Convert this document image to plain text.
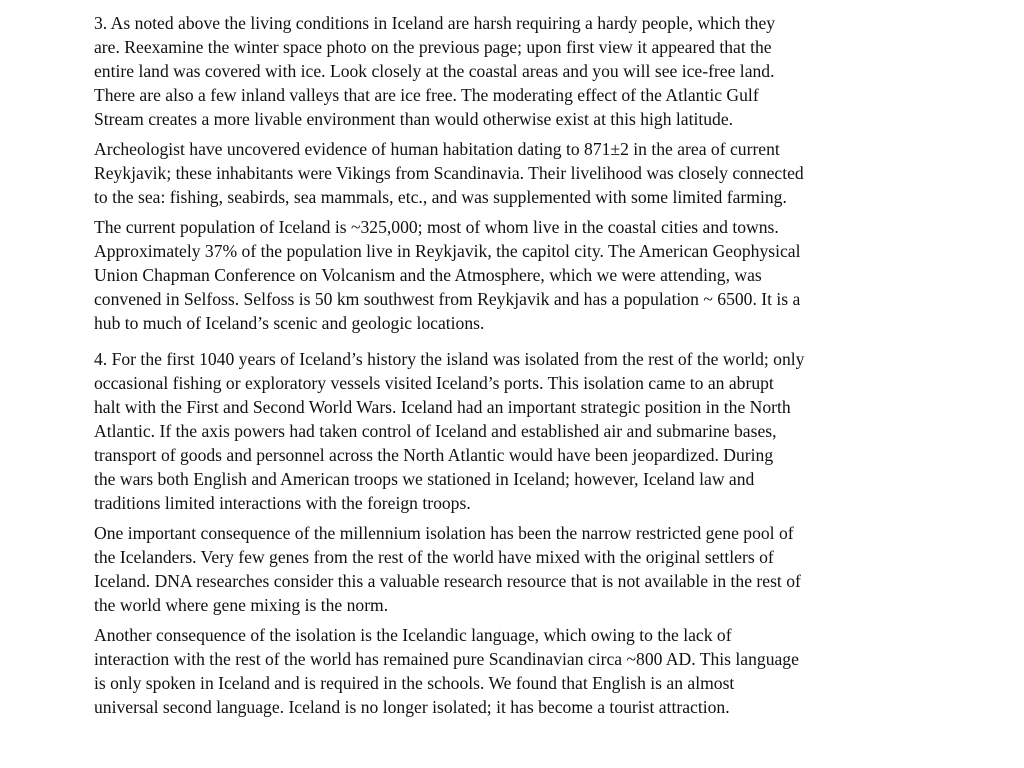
3. As noted above the living conditions in Iceland are harsh requiring a hardy people, which they
are. Reexamine the winter space photo on the previous page; upon first view it appeared that the
entire land was covered with ice. Look closely at the coastal areas and you will see ice-free land.
There are also a few inland valleys that are ice free. The moderating effect of the Atlantic Gulf
Stream creates a more livable environment than would otherwise exist at this high latitude.

Archeologist have uncovered evidence of human habitation dating to 871±2 in the area of current
Reykjavik; these inhabitants were Vikings from Scandinavia. Their livelihood was closely connected
to the sea: fishing, seabirds, sea mammals, etc., and was supplemented with some limited farming.

The current population of Iceland is ~325,000; most of whom live in the coastal cities and towns.
Approximately 37% of the population live in Reykjavik, the capitol city. The American Geophysical
Union Chapman Conference on Volcanism and the Atmosphere, which we were attending, was
convened in Selfoss. Selfoss is 50 km southwest from Reykjavik and has a population ~ 6500. It is a
hub to much of Iceland’s scenic and geologic locations.

4. For the first 1040 years of Iceland’s history the island was isolated from the rest of the world; only
occasional fishing or exploratory vessels visited Iceland’s ports. This isolation came to an abrupt
halt with the First and Second World Wars. Iceland had an important strategic position in the North
Atlantic. If the axis powers had taken control of Iceland and established air and submarine bases,
transport of goods and personnel across the North Atlantic would have been jeopardized. During
the wars both English and American troops we stationed in Iceland; however, Iceland law and
traditions limited interactions with the foreign troops.

One important consequence of the millennium isolation has been the narrow restricted gene pool of
the Icelanders. Very few genes from the rest of the world have mixed with the original settlers of
Iceland. DNA researches consider this a valuable research resource that is not available in the rest of
the world where gene mixing is the norm.

Another consequence of the isolation is the Icelandic language, which owing to the lack of
interaction with the rest of the world has remained pure Scandinavian circa ~800 AD. This language
is only spoken in Iceland and is required in the schools. We found that English is an almost
universal second language. Iceland is no longer isolated; it has become a tourist attraction.
